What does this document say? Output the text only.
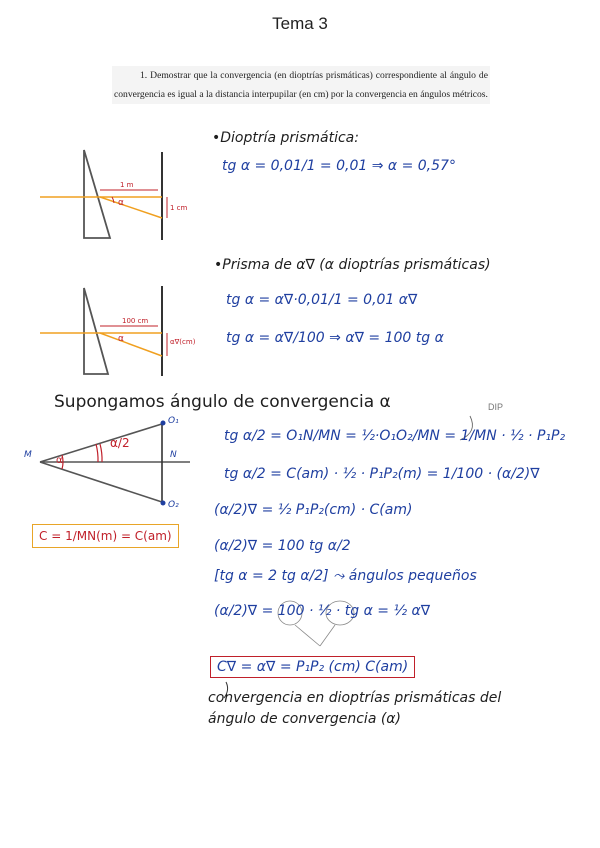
Tema 3
1. Demostrar que la convergencia (en dioptrías prismáticas) correspondiente al ángulo de convergencia es igual a la distancia interpupilar (en cm) por la convergencia en ángulos métricos.
•Dioptría prismática:
tg α = 0,01/1 = 0,01 ⇒ α = 0,57°
1 m
α	1 cm
•Prisma de α∇ (α dioptrías prismáticas)
tg α = α∇·0,01/1 = 0,01 α∇
tg α = α∇/100 ⇒ α∇ = 100 tg α
100 cm
α	α∇(cm)
Supongamos ángulo de convergencia α	DIP
M	N
O₁
O₂
α
α/2
C = 1/MN(m) = C(am)
tg α/2 = O₁N/MN = ½·O₁O₂/MN = 1/MN · ½ · P₁P₂
tg α/2 = C(am) · ½ · P₁P₂(m) = 1/100 · (α/2)∇
(α/2)∇ = ½ P₁P₂(cm) · C(am)
(α/2)∇ = 100 tg α/2
[tg α = 2 tg α/2] ⤳ ángulos pequeños
(α/2)∇ = 100 · ½ · tg α = ½ α∇
C∇ = α∇ = P₁P₂ (cm) C(am)
convergencia en dioptrías prismáticas del
ángulo de convergencia (α)
